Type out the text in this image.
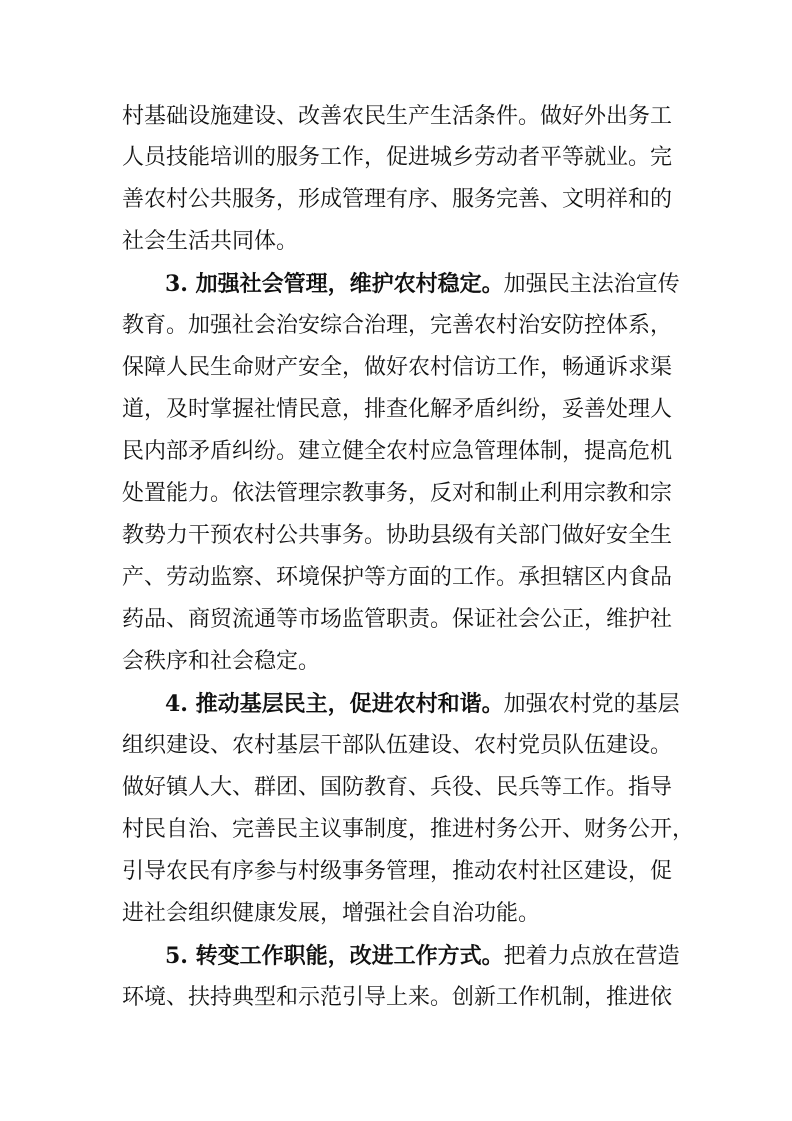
村基础设施建设、改善农民生产生活条件。做好外出务工
人员技能培训的服务工作，促进城乡劳动者平等就业。完
善农村公共服务，形成管理有序、服务完善、文明祥和的
社会生活共同体。
3. 加强社会管理，维护农村稳定。加强民主法治宣传
教育。加强社会治安综合治理，完善农村治安防控体系，
保障人民生命财产安全，做好农村信访工作，畅通诉求渠
道，及时掌握社情民意，排查化解矛盾纠纷，妥善处理人
民内部矛盾纠纷。建立健全农村应急管理体制，提高危机
处置能力。依法管理宗教事务，反对和制止利用宗教和宗
教势力干预农村公共事务。协助县级有关部门做好安全生
产、劳动监察、环境保护等方面的工作。承担辖区内食品
药品、商贸流通等市场监管职责。保证社会公正，维护社
会秩序和社会稳定。
4. 推动基层民主，促进农村和谐。加强农村党的基层
组织建设、农村基层干部队伍建设、农村党员队伍建设。
做好镇人大、群团、国防教育、兵役、民兵等工作。指导
村民自治、完善民主议事制度，推进村务公开、财务公开，
引导农民有序参与村级事务管理，推动农村社区建设，促
进社会组织健康发展，增强社会自治功能。
5. 转变工作职能，改进工作方式。把着力点放在营造
环境、扶持典型和示范引导上来。创新工作机制，推进依
